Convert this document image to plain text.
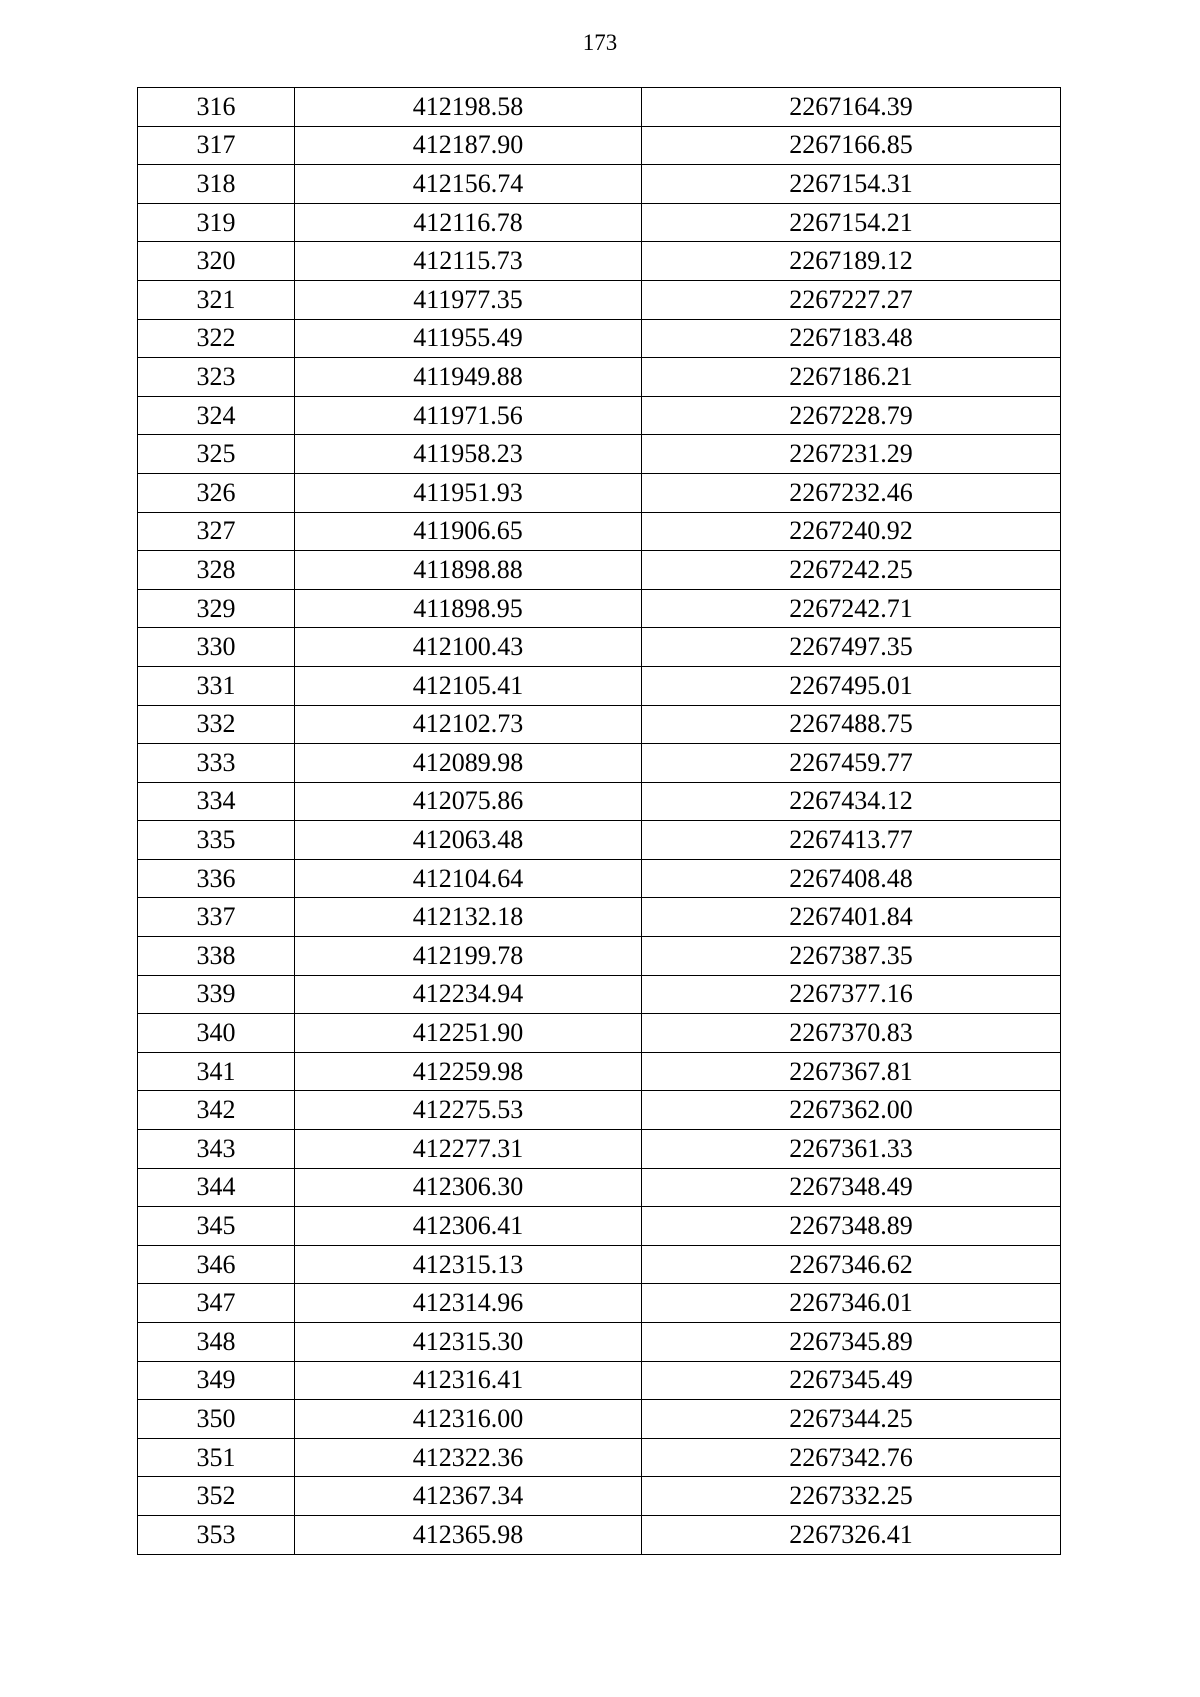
173
316	412198.58	2267164.39
317	412187.90	2267166.85
318	412156.74	2267154.31
319	412116.78	2267154.21
320	412115.73	2267189.12
321	411977.35	2267227.27
322	411955.49	2267183.48
323	411949.88	2267186.21
324	411971.56	2267228.79
325	411958.23	2267231.29
326	411951.93	2267232.46
327	411906.65	2267240.92
328	411898.88	2267242.25
329	411898.95	2267242.71
330	412100.43	2267497.35
331	412105.41	2267495.01
332	412102.73	2267488.75
333	412089.98	2267459.77
334	412075.86	2267434.12
335	412063.48	2267413.77
336	412104.64	2267408.48
337	412132.18	2267401.84
338	412199.78	2267387.35
339	412234.94	2267377.16
340	412251.90	2267370.83
341	412259.98	2267367.81
342	412275.53	2267362.00
343	412277.31	2267361.33
344	412306.30	2267348.49
345	412306.41	2267348.89
346	412315.13	2267346.62
347	412314.96	2267346.01
348	412315.30	2267345.89
349	412316.41	2267345.49
350	412316.00	2267344.25
351	412322.36	2267342.76
352	412367.34	2267332.25
353	412365.98	2267326.41
